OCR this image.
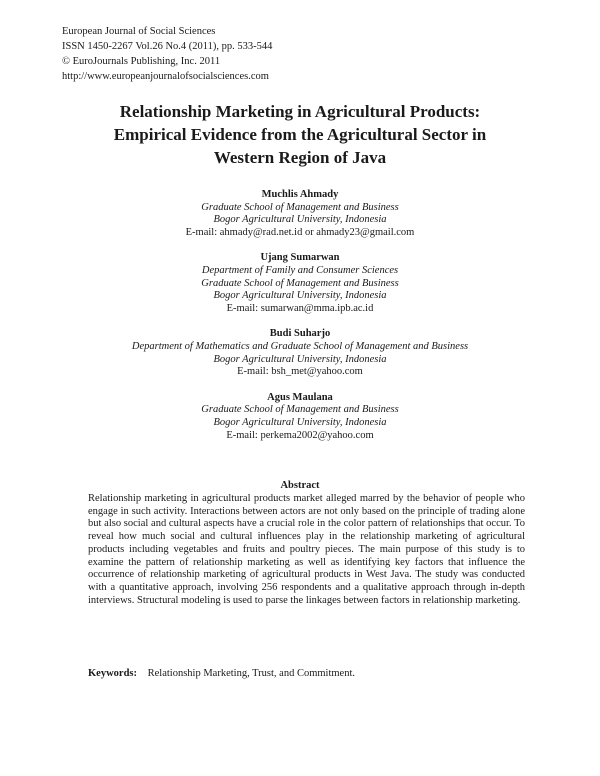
European Journal of Social Sciences
ISSN 1450-2267 Vol.26 No.4 (2011), pp. 533-544
© EuroJournals Publishing, Inc. 2011
http://www.europeanjournalofsocialsciences.com
Relationship Marketing in Agricultural Products:
Empirical Evidence from the Agricultural Sector in
Western Region of Java
Muchlis Ahmady
Graduate School of Management and Business
Bogor Agricultural University, Indonesia
E-mail: ahmady@rad.net.id or ahmady23@gmail.com
Ujang Sumarwan
Department of Family and Consumer Sciences
Graduate School of Management and Business
Bogor Agricultural University, Indonesia
E-mail: sumarwan@mma.ipb.ac.id
Budi Suharjo
Department of Mathematics and Graduate School of Management and Business
Bogor Agricultural University, Indonesia
E-mail: bsh_met@yahoo.com
Agus Maulana
Graduate School of Management and Business
Bogor Agricultural University, Indonesia
E-mail: perkema2002@yahoo.com
Abstract
Relationship marketing in agricultural products market alleged marred by the behavior of people who engage in such activity. Interactions between actors are not only based on the principle of trading alone but also social and cultural aspects have a crucial role in the color pattern of relationships that occur. To reveal how much social and cultural influences play in the relationship marketing of agricultural products including vegetables and fruits and poultry pieces. The main purpose of this study is to examine the pattern of relationship marketing as well as identifying key factors that influence the occurrence of relationship marketing of agricultural products in West Java. The study was conducted with a quantitative approach, involving 256 respondents and a qualitative approach through in-depth interviews. Structural modeling is used to parse the linkages between factors in relationship marketing.
Keywords: Relationship Marketing, Trust, and Commitment.
